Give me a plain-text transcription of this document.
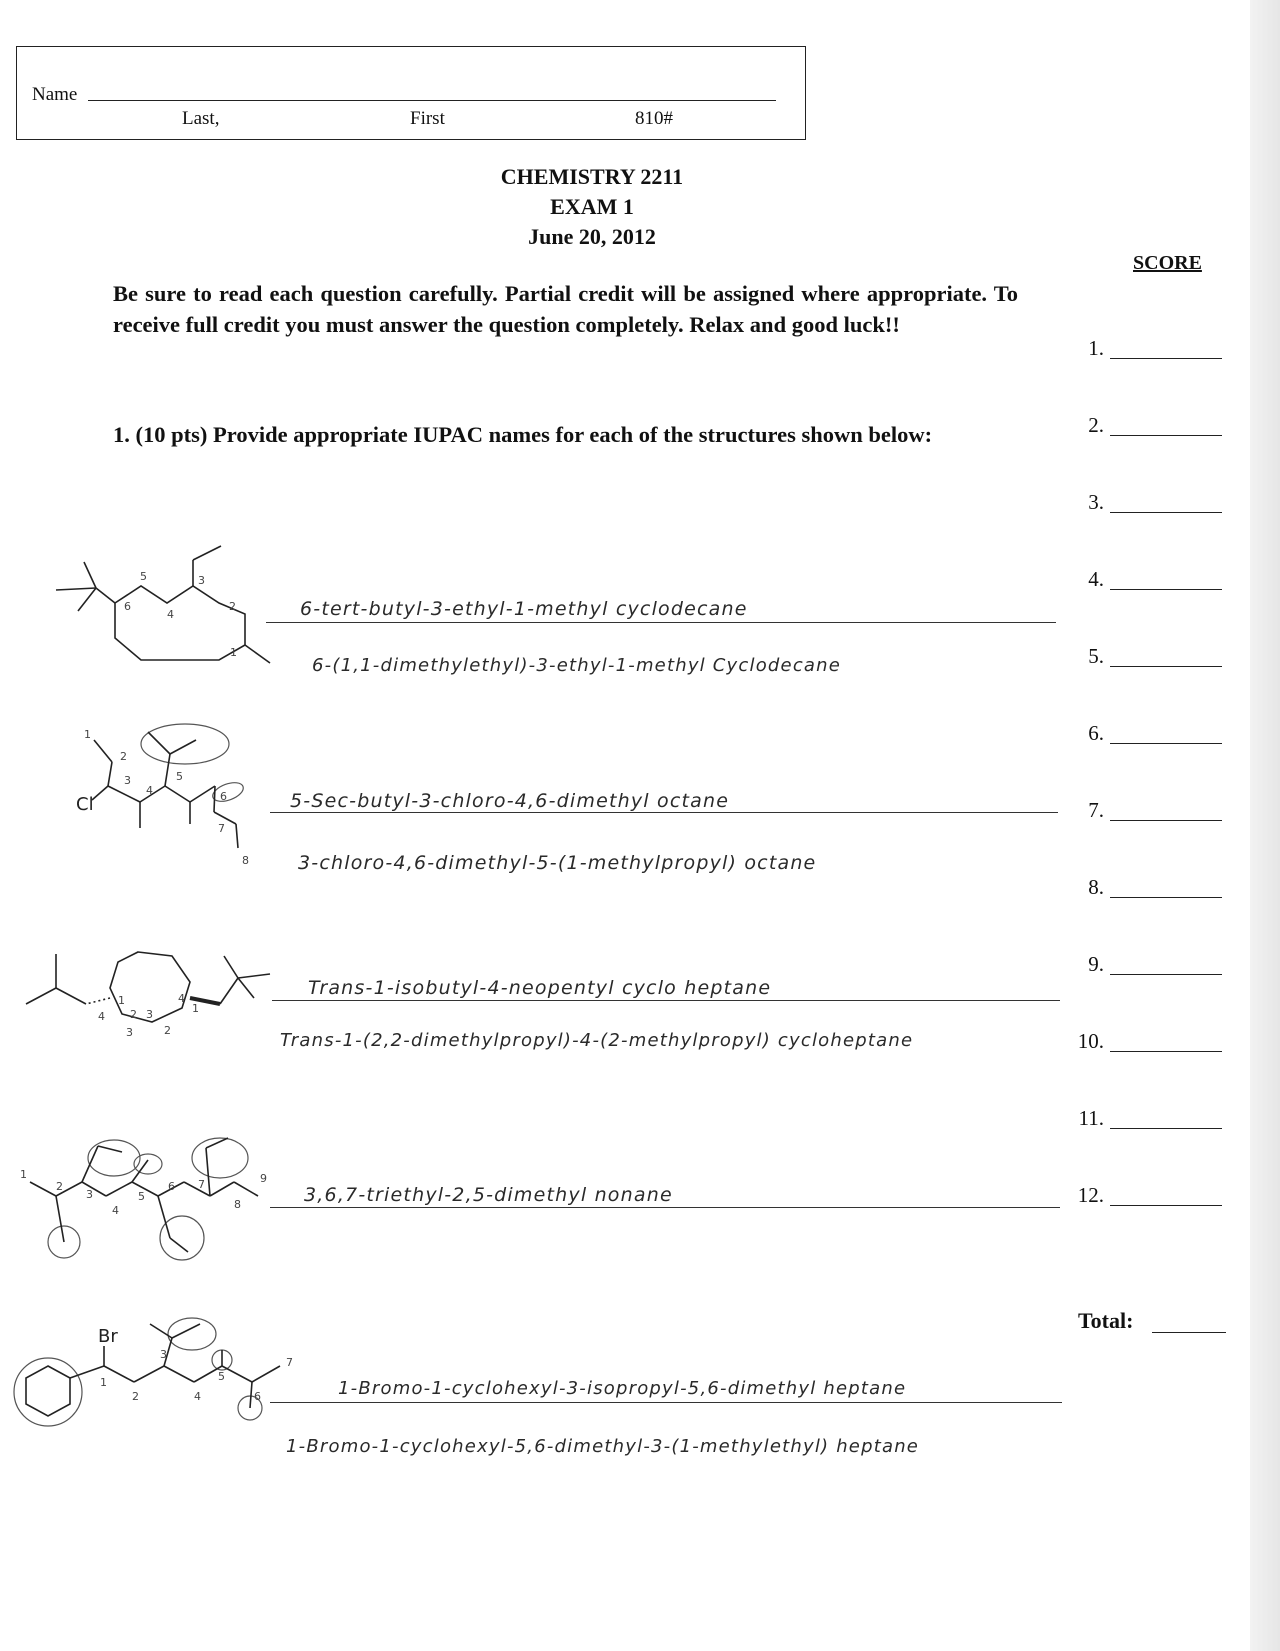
Name
Last,	First	810#
CHEMISTRY 2211
EXAM 1
June 20, 2012
Be sure to read each question carefully. Partial credit will be assigned where appropriate. To receive full credit you must answer the question completely. Relax and good luck!!
1. (10 pts) Provide appropriate IUPAC names for each of the structures shown below:
SCORE
1.
2.
3.
4.
5.
6.
7.
8.
9.
10.
11.
12.
Total:
6-tert-butyl-3-ethyl-1-methyl cyclodecane
6-(1,1-dimethylethyl)-3-ethyl-1-methyl Cyclodecane
5-Sec-butyl-3-chloro-4,6-dimethyl octane
3-chloro-4,6-dimethyl-5-(1-methylpropyl) octane
Trans-1-isobutyl-4-neopentyl cyclo heptane
Trans-1-(2,2-dimethylpropyl)-4-(2-methylpropyl) cycloheptane
3,6,7-triethyl-2,5-dimethyl nonane
1-Bromo-1-cyclohexyl-3-isopropyl-5,6-dimethyl heptane
1-Bromo-1-cyclohexyl-5,6-dimethyl-3-(1-methylethyl) heptane
5
6
4
3
2
1
Cl
1
2
3
4
5
6
7
8
1
4 2 3
3	2
4
1
1
2
3
4
5
6 7
8
9
Br
1
2
3
4
5
6
7
